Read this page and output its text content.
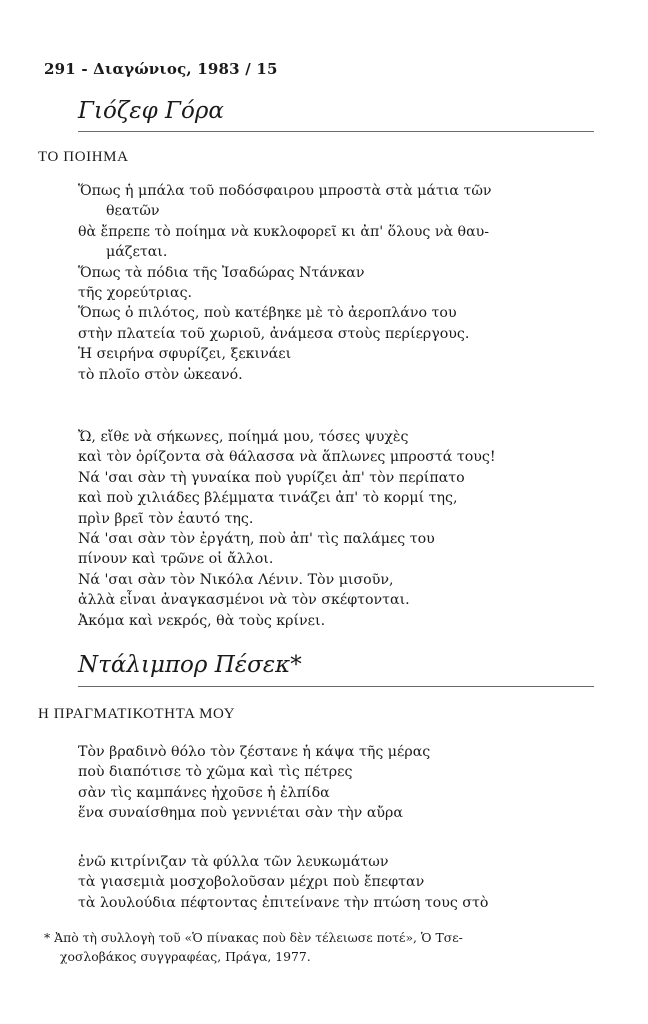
291 - Διαγώνιος, 1983 / 15
Γιόζεφ Γόρα
ΤΟ ΠΟΙΗΜΑ
Ὅπως ἡ μπάλα τοῦ ποδόσφαιρου μπροστὰ στὰ μάτια τῶν
θεατῶν
θὰ ἔπρεπε τὸ ποίημα νὰ κυκλοφορεῖ κι ἀπ' ὅλους νὰ θαυ-
μάζεται.
Ὅπως τὰ πόδια τῆς Ἰσαδώρας Ντάνκαν
τῆς χορεύτριας.
Ὅπως ὁ πιλότος, ποὺ κατέβηκε μὲ τὸ ἀεροπλάνο του
στὴν πλατεία τοῦ χωριοῦ, ἀνάμεσα στοὺς περίεργους.
Ἡ σειρήνα σφυρίζει, ξεκινάει
τὸ πλοῖο στὸν ὠκεανό.
Ὤ, εἴθε νὰ σήκωνες, ποίημά μου, τόσες ψυχὲς
καὶ τὸν ὁρίζοντα σὰ θάλασσα νὰ ἅπλωνες μπροστά τους!
Νά 'σαι σὰν τὴ γυναίκα ποὺ γυρίζει ἀπ' τὸν περίπατο
καὶ ποὺ χιλιάδες βλέμματα τινάζει ἀπ' τὸ κορμί της,
πρὶν βρεῖ τὸν ἑαυτό της.
Νά 'σαι σὰν τὸν ἐργάτη, ποὺ ἀπ' τὶς παλάμες του
πίνουν καὶ τρῶνε οἱ ἄλλοι.
Νά 'σαι σὰν τὸν Νικόλα Λένιν. Τὸν μισοῦν,
ἀλλὰ εἶναι ἀναγκασμένοι νὰ τὸν σκέφτονται.
Ἀκόμα καὶ νεκρός, θὰ τοὺς κρίνει.
Ντάλιμπορ Πέσεκ*
Η ΠΡΑΓΜΑΤΙΚΟΤΗΤΑ ΜΟΥ
Τὸν βραδινὸ θόλο τὸν ζέστανε ἡ κάψα τῆς μέρας
ποὺ διαπότισε τὸ χῶμα καὶ τὶς πέτρες
σὰν τὶς καμπάνες ἠχοῦσε ἡ ἐλπίδα
ἕνα συναίσθημα ποὺ γεννιέται σὰν τὴν αὔρα
ἐνῶ κιτρίνιζαν τὰ φύλλα τῶν λευκωμάτων
τὰ γιασεμιὰ μοσχοβολοῦσαν μέχρι ποὺ ἔπεφταν
τὰ λουλούδια πέφτοντας ἐπιτείνανε τὴν πτώση τους στὸ
* Ἀπὸ τὴ συλλογὴ τοῦ «Ὁ πίνακας ποὺ δὲν τέλειωσε ποτέ», Ὁ Τσε-
χοσλοβάκος συγγραφέας, Πράγα, 1977.
